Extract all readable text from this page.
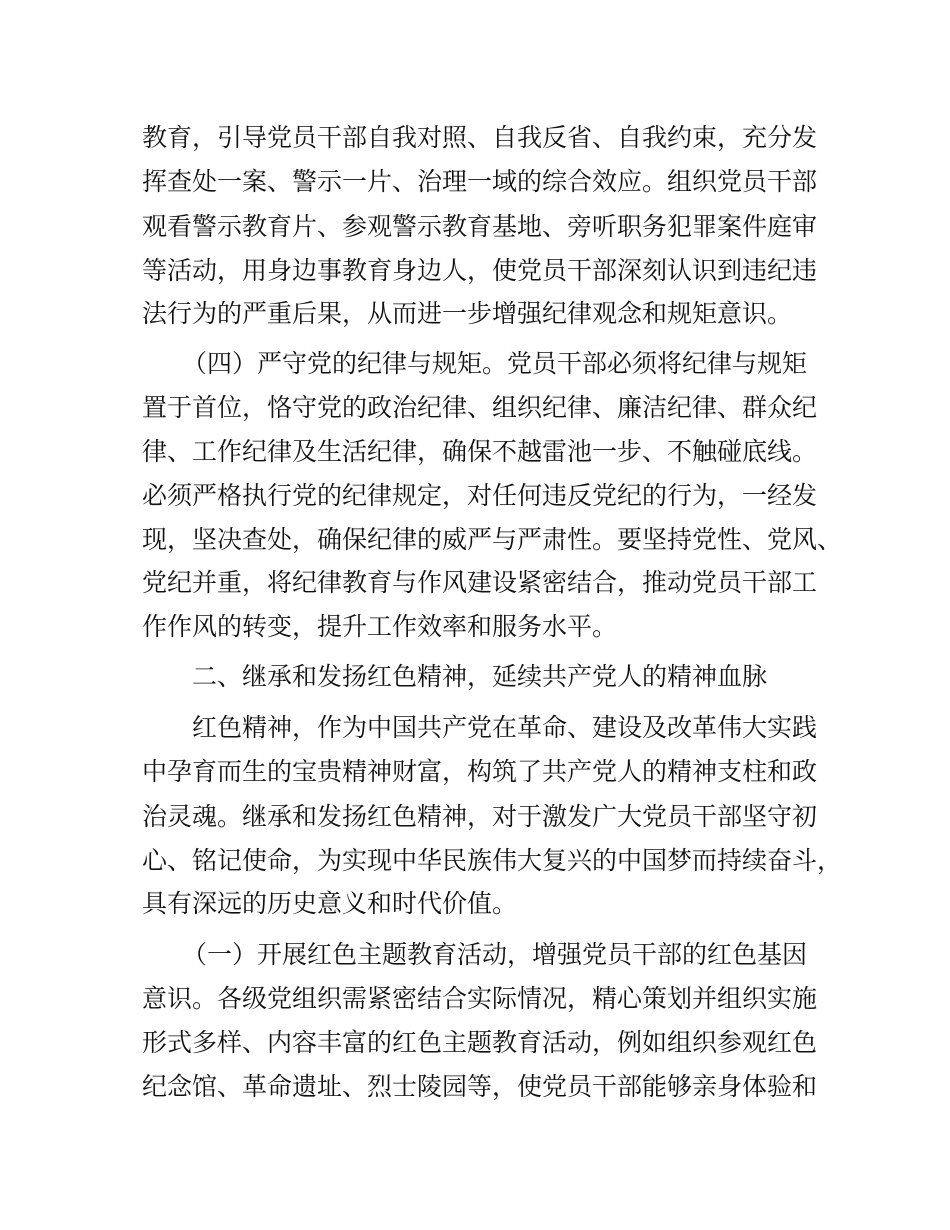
教育，引导党员干部自我对照、自我反省、自我约束，充分发
挥查处一案、警示一片、治理一域的综合效应。组织党员干部
观看警示教育片、参观警示教育基地、旁听职务犯罪案件庭审
等活动，用身边事教育身边人，使党员干部深刻认识到违纪违
法行为的严重后果，从而进一步增强纪律观念和规矩意识。
（四）严守党的纪律与规矩。党员干部必须将纪律与规矩
置于首位，恪守党的政治纪律、组织纪律、廉洁纪律、群众纪
律、工作纪律及生活纪律，确保不越雷池一步、不触碰底线。
必须严格执行党的纪律规定，对任何违反党纪的行为，一经发
现，坚决查处，确保纪律的威严与严肃性。要坚持党性、党风、
党纪并重，将纪律教育与作风建设紧密结合，推动党员干部工
作作风的转变，提升工作效率和服务水平。
二、继承和发扬红色精神，延续共产党人的精神血脉
红色精神，作为中国共产党在革命、建设及改革伟大实践
中孕育而生的宝贵精神财富，构筑了共产党人的精神支柱和政
治灵魂。继承和发扬红色精神，对于激发广大党员干部坚守初
心、铭记使命，为实现中华民族伟大复兴的中国梦而持续奋斗，
具有深远的历史意义和时代价值。
（一）开展红色主题教育活动，增强党员干部的红色基因
意识。各级党组织需紧密结合实际情况，精心策划并组织实施
形式多样、内容丰富的红色主题教育活动，例如组织参观红色
纪念馆、革命遗址、烈士陵园等，使党员干部能够亲身体验和
